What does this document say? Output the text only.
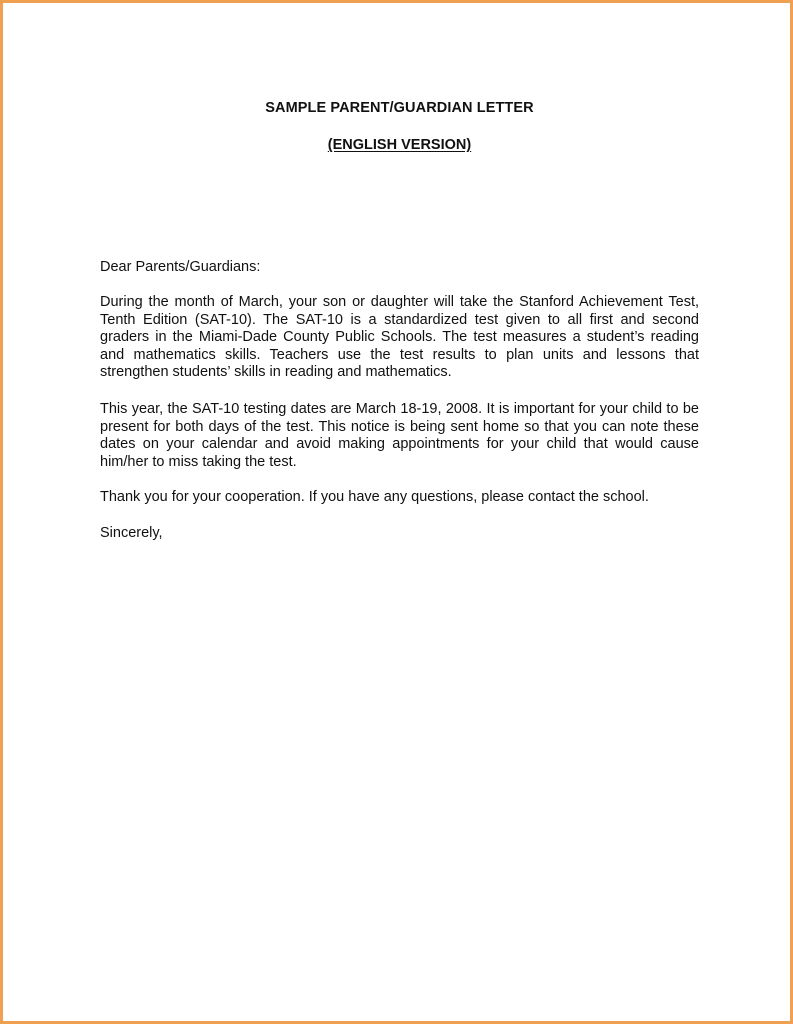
SAMPLE PARENT/GUARDIAN LETTER
(ENGLISH VERSION)
Dear Parents/Guardians:
During the month of March, your son or daughter will take the Stanford Achievement Test, Tenth Edition (SAT-10). The SAT-10 is a standardized test given to all first and second graders in the Miami-Dade County Public Schools. The test measures a student’s reading and mathematics skills. Teachers use the test results to plan units and lessons that strengthen students’ skills in reading and mathematics.
This year, the SAT-10 testing dates are March 18-19, 2008. It is important for your child to be present for both days of the test. This notice is being sent home so that you can note these dates on your calendar and avoid making appointments for your child that would cause him/her to miss taking the test.
Thank you for your cooperation. If you have any questions, please contact the school.
Sincerely,
